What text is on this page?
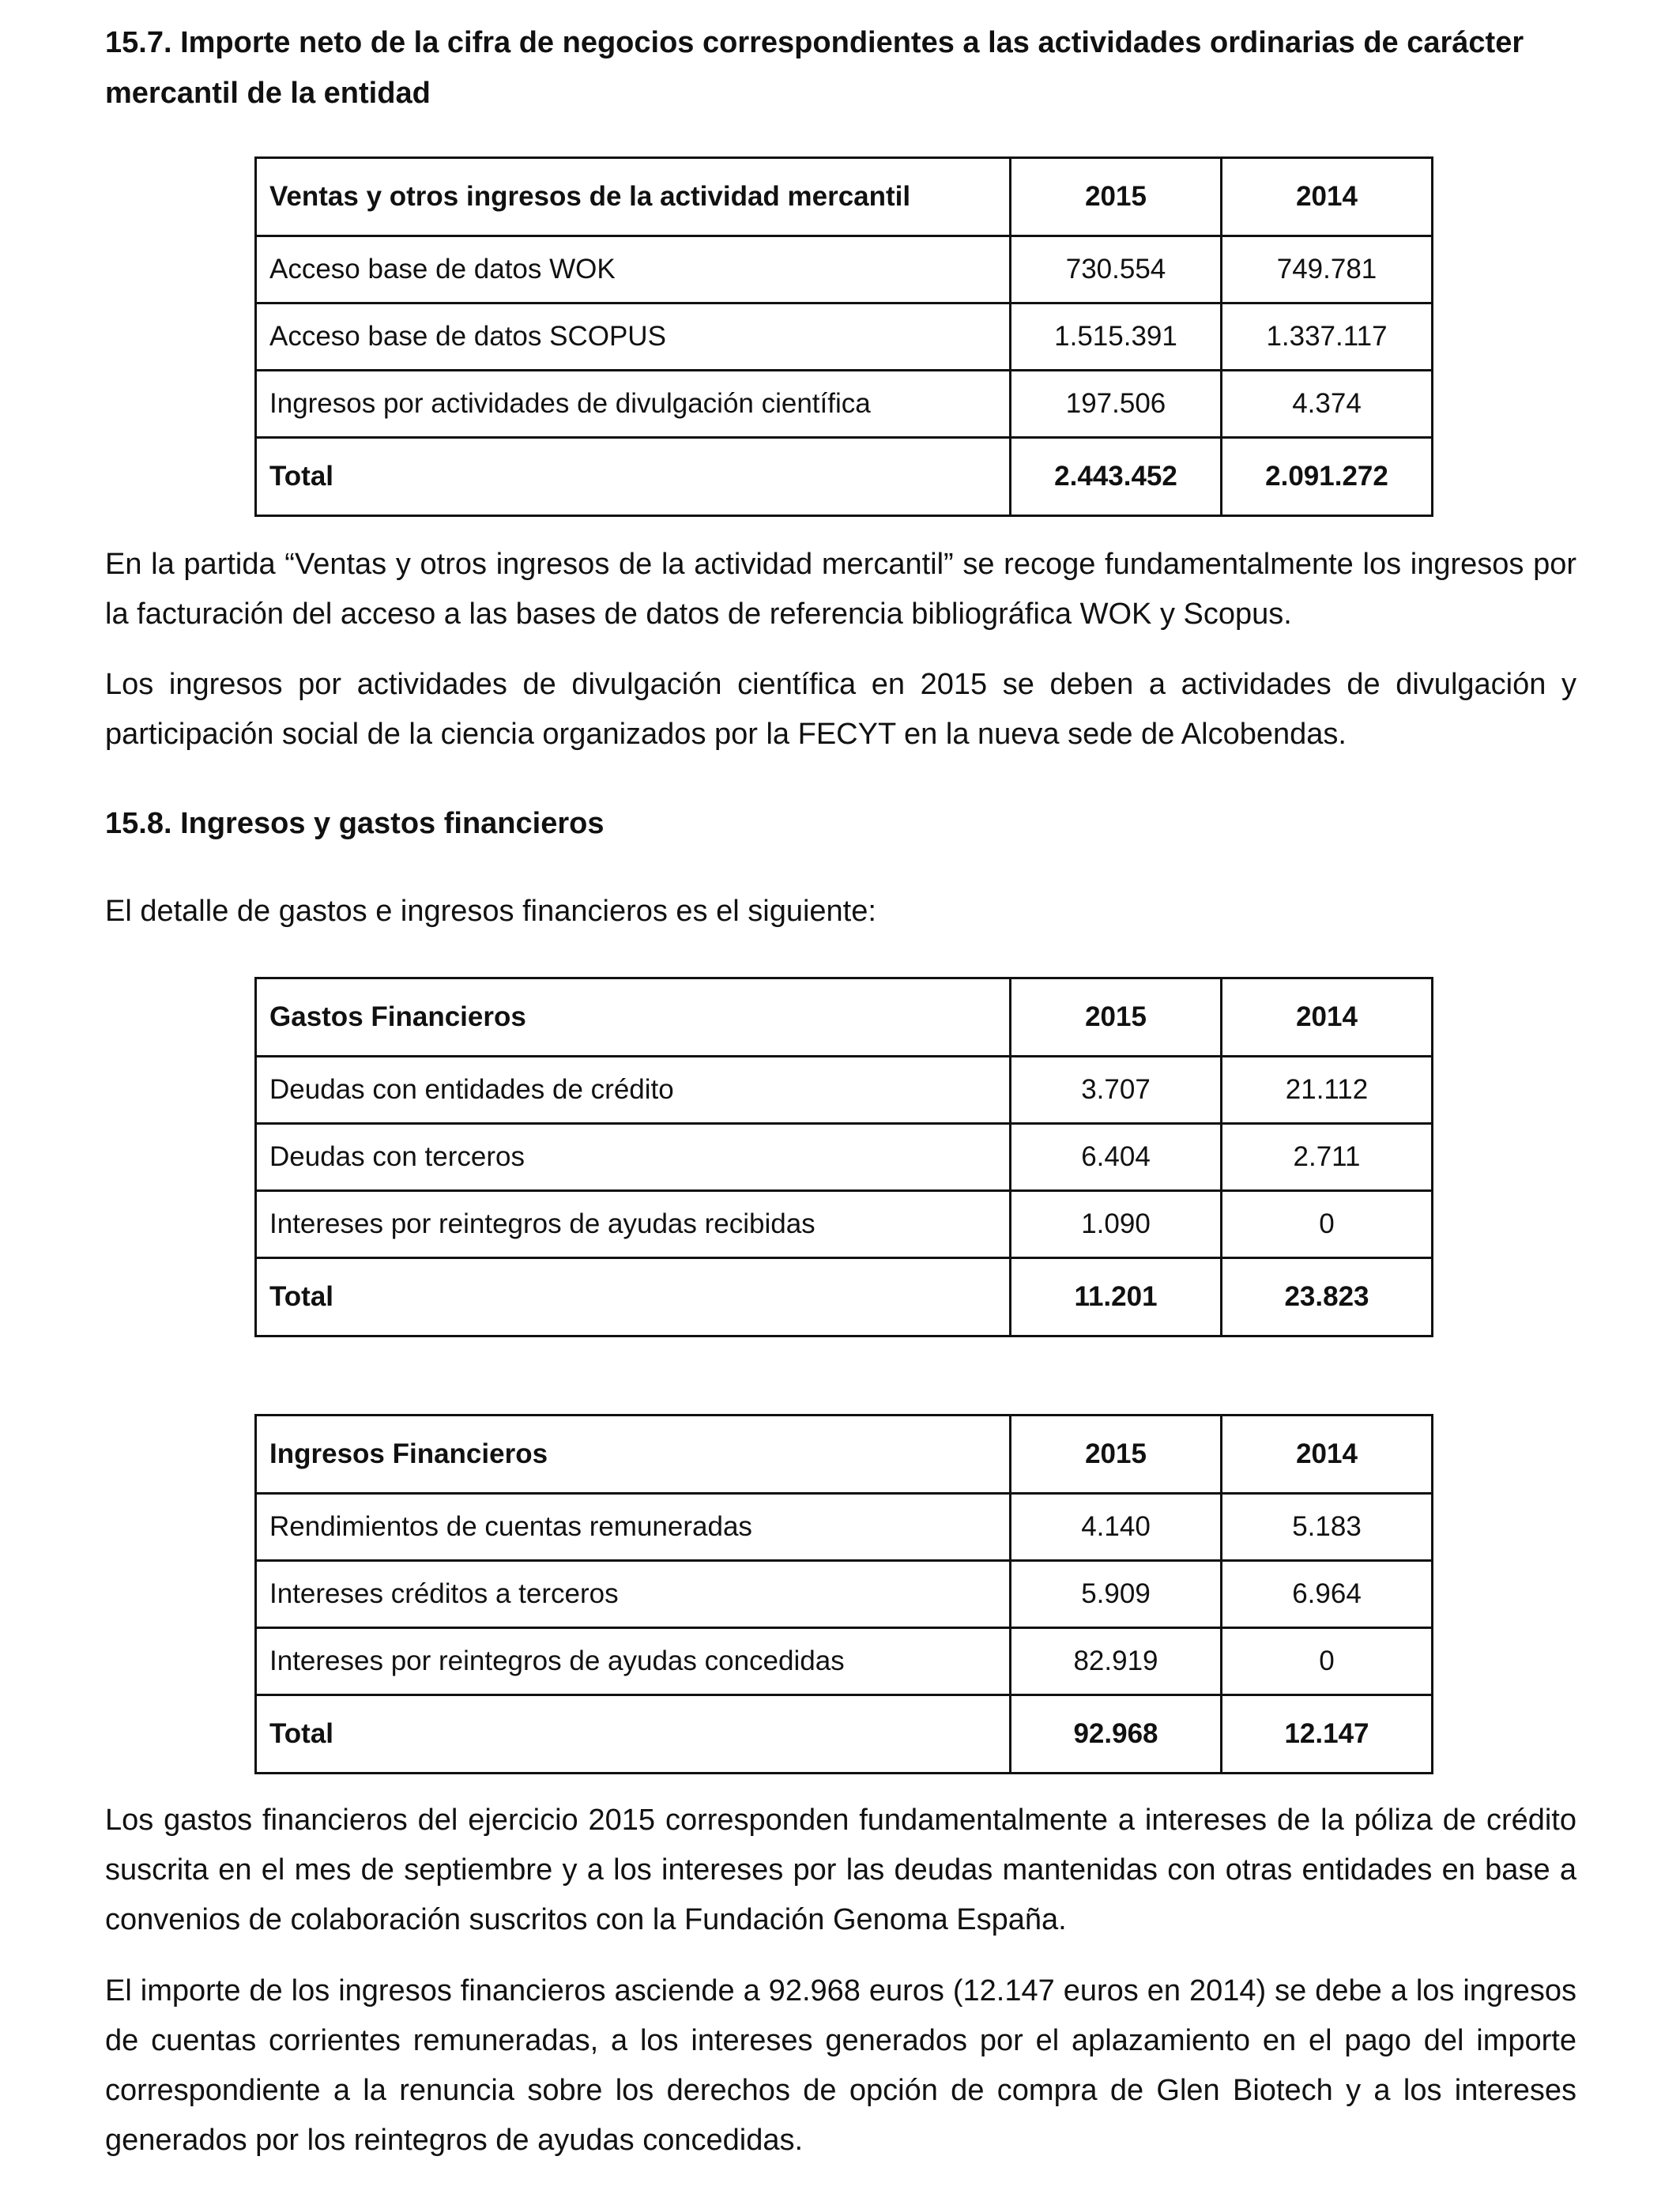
15.7. Importe neto de la cifra de negocios correspondientes a las actividades ordinarias de carácter mercantil de la entidad
Ventas y otros ingresos de la actividad mercantil	2015	2014
Acceso base de datos WOK	730.554	749.781
Acceso base de datos SCOPUS	1.515.391	1.337.117
Ingresos por actividades de divulgación científica	197.506	4.374
Total	2.443.452	2.091.272

En la partida “Ventas y otros ingresos de la actividad mercantil” se recoge fundamentalmente los ingresos por la facturación del acceso a las bases de datos de referencia bibliográfica WOK y Scopus.

Los ingresos por actividades de divulgación científica en 2015 se deben a actividades de divulgación y participación social de la ciencia organizados por la FECYT en la nueva sede de Alcobendas.

15.8. Ingresos y gastos financieros

El detalle de gastos e ingresos financieros es el siguiente:

Gastos Financieros	2015	2014
Deudas con entidades de crédito	3.707	21.112
Deudas con terceros	6.404	2.711
Intereses por reintegros de ayudas recibidas	1.090	0
Total	11.201	23.823
Ingresos Financieros	2015	2014
Rendimientos de cuentas remuneradas	4.140	5.183
Intereses créditos a terceros	5.909	6.964
Intereses por reintegros de ayudas concedidas	82.919	0
Total	92.968	12.147

Los gastos financieros del ejercicio 2015 corresponden fundamentalmente a intereses de la póliza de crédito suscrita en el mes de septiembre y a los intereses por las deudas mantenidas con otras entidades en base a convenios de colaboración suscritos con la Fundación Genoma España.

El importe de los ingresos financieros asciende a 92.968 euros (12.147 euros en 2014) se debe a los ingresos de cuentas corrientes remuneradas, a los intereses generados por el aplazamiento en el pago del importe correspondiente a la renuncia sobre los derechos de opción de compra de Glen Biotech y a los intereses generados por los reintegros de ayudas concedidas.
